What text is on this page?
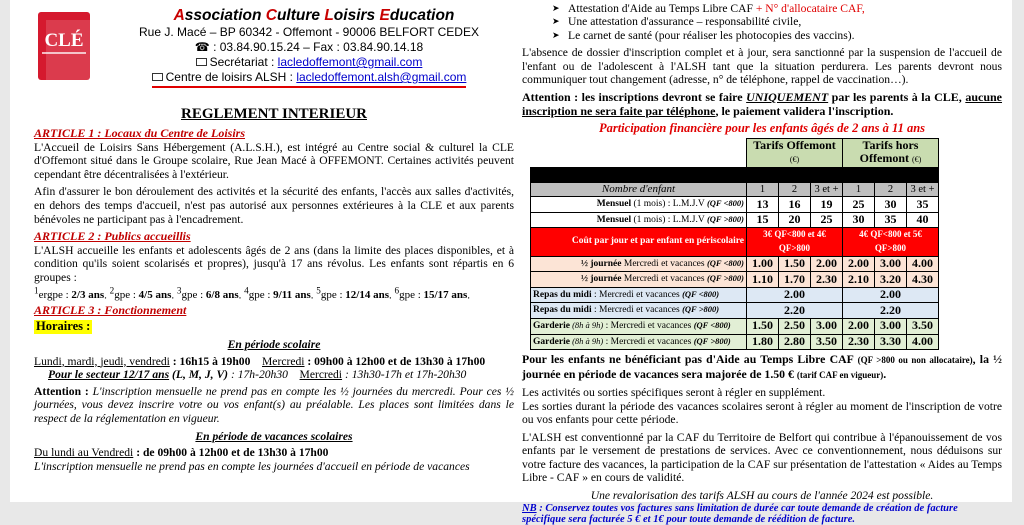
CLÉ
Association Culture Loisirs Education
Rue J. Macé – BP 60342 - Offemont - 90006 BELFORT CEDEX
☎ : 03.84.90.15.24 – Fax : 03.84.90.14.18
Secrétariat : lacledoffemont@gmail.com
Centre de loisirs ALSH : lacledoffemont.alsh@gmail.com
REGLEMENT INTERIEUR
ARTICLE 1 : Locaux du Centre de Loisirs

L'Accueil de Loisirs Sans Hébergement (A.L.S.H.), est intégré au Centre social & culturel la CLE d'Offemont situé dans le Groupe scolaire, Rue Jean Macé à OFFEMONT. Certaines activités peuvent cependant être décentralisées à l'extérieur.

Afin d'assurer le bon déroulement des activités et la sécurité des enfants, l'accès aux salles d'activités, en dehors des temps d'accueil, n'est pas autorisé aux personnes extérieures à la CLE et aux parents bénévoles ne participant pas à l'encadrement.

ARTICLE 2 : Publics accueillis

L'ALSH accueille les enfants et adolescents âgés de 2 ans (dans la limite des places disponibles, et à condition qu'ils soient scolarisés et propres), jusqu'à 17 ans révolus. Les enfants sont répartis en 6 groupes :

$^1$ergpe : 2/3 ans. $^2$gpe : 4/5 ans. $^3$gpe : 6/8 ans. $^4$gpe : 9/11 ans. $^5$gpe : 12/14 ans. $^6$gpe : 15/17 ans.
ARTICLE 3 : Fonctionnement
Horaires :
En période scolaire
Lundi, mardi, jeudi, vendredi : 16h15 à 19h00 Mercredi : 09h00 à 12h00 et de 13h30 à 17h00
Pour le secteur 12/17 ans (L, M, J, V) : 17h-20h30 Mercredi : 13h30-17h et 17h-20h30

Attention : L'inscription mensuelle ne prend pas en compte les ½ journées du mercredi. Pour ces ½ journées, vous devez inscrire votre ou vos enfant(s) au préalable. Les places sont limitées dans le respect de la réglementation en vigueur.

En période de vacances scolaires
Du lundi au Vendredi : de 09h00 à 12h00 et de 13h30 à 17h00
L'inscription mensuelle ne prend pas en compte les journées d'accueil en période de vacances
➤ Attestation d'Aide au Temps Libre CAF + N° d'allocataire CAF,
➤ Une attestation d'assurance – responsabilité civile,
➤ Le carnet de santé (pour réaliser les photocopies des vaccins).

L'absence de dossier d'inscription complet et à jour, sera sanctionné par la suspension de l'accueil de l'enfant ou de l'adolescent à l'ALSH tant que la situation perdurera. Les parents devront nous communiquer tout changement (adresse, n° de téléphone, rappel de vaccination…).

Attention : les inscriptions devront se faire UNIQUEMENT par les parents à la CLE, aucune inscription ne sera faite par téléphone, le paiement validera l'inscription.

Participation financière pour les enfants âgés de 2 ans à 11 ans
	Tarifs Offemont (€)			Tarifs hors Offemont (€)		

Nombre d'enfant	1	2	3 et +	1	2	3 et +
Mensuel (1 mois) : L.M.J.V (QF <800)	13	16	19	25	30	35
Mensuel (1 mois) : L.M.J.V (QF >800)	15	20	25	30	35	40
Coût par jour et par enfant en périscolaire	3€ QF<800 et 4€ QF>800			4€ QF<800 et 5€ QF>800		
½ journée Mercredi et vacances (QF <800)	1.00	1.50	2.00	2.00	3.00	4.00
½ journée Mercredi et vacances (QF >800)	1.10	1.70	2.30	2.10	3.20	4.30
Repas du midi : Mercredi et vacances (QF <800)	2.00			2.00		
Repas du midi : Mercredi et vacances (QF >800)	2.20			2.20		
Garderie (8h à 9h) : Mercredi et vacances (QF <800)	1.50	2.50	3.00	2.00	3.00	3.50
Garderie (8h à 9h) : Mercredi et vacances (QF >800)	1.80	2.80	3.50	2.30	3.30	4.00

Pour les enfants ne bénéficiant pas d'Aide au Temps Libre CAF (QF >800 ou non allocataire), la ½ journée en période de vacances sera majorée de 1.50 € (tarif CAF en vigueur).

Les activités ou sorties spécifiques seront à régler en supplément.

Les sorties durant la période des vacances scolaires seront à régler au moment de l'inscription de votre ou vos enfants pour cette période.

L'ALSH est conventionné par la CAF du Territoire de Belfort qui contribue à l'épanouissement de vos enfants par le versement de prestations de services. Avec ce conventionnement, nous déduisons sur votre facture des vacances, la participation de la CAF sur présentation de l'attestation « Aides au Temps Libre - CAF » en cours de validité.

Une revalorisation des tarifs ALSH au cours de l'année 2024 est possible.
NB : Conservez toutes vos factures sans limitation de durée car toute demande de création de facture spécifique sera facturée 5 € et 1€ pour toute demande de réédition de facture.
